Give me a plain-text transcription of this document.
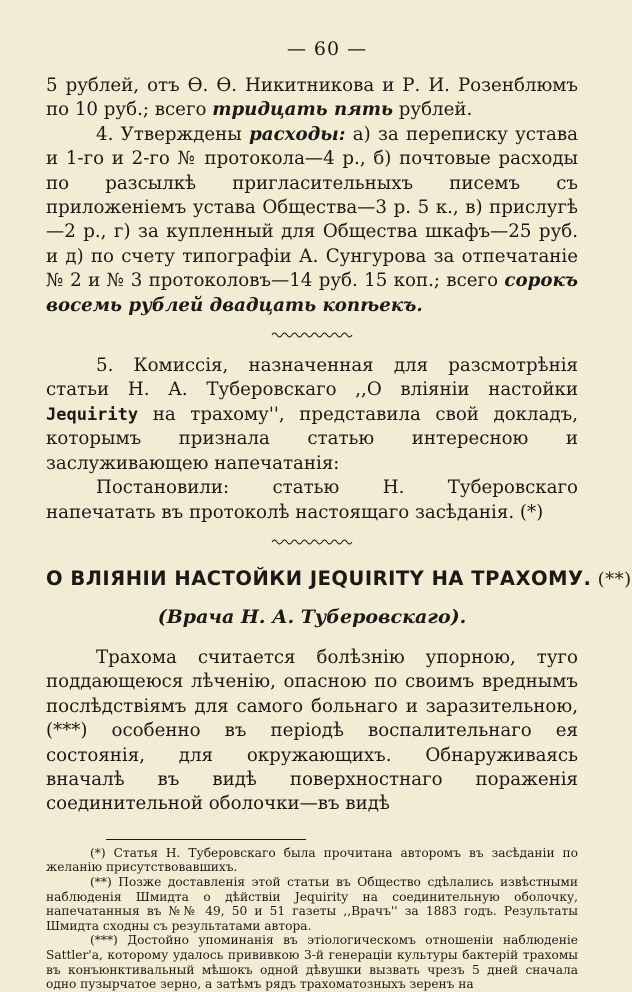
— 60 —

5 рублей, отъ Ѳ. Ѳ. Никитникова и Р. И. Розенблюмъ по 10 руб.; всего тридцать пять рублей.

4. Утверждены расходы: а) за переписку устава и 1-го и 2-го № протокола—4 р., б) почтовые расходы по разсылкѣ пригласительныхъ писемъ съ приложеніемъ устава Общества—3 р. 5 к., в) прислугѣ—2 р., г) за купленный для Общества шкафъ—25 руб. и д) по счету типографіи А. Сунгурова за отпечатаніе № 2 и № 3 протоколовъ—14 руб. 15 коп.; всего сорокъ восемь рублей двадцать копѣекъ.

5. Комиссія, назначенная для разсмотрѣнія статьи Н. А. Туберовскаго ,,О вліяніи настойки Jequirity на трахому'', представила свой докладъ, которымъ признала статью интересною и заслуживающею напечатанія:

Постановили: статью Н. Туберовскаго напечатать въ протоколѣ настоящаго засѣданія. (*)

О ВЛІЯНІИ НАСТОЙКИ JEQUIRITY НА ТРАХОМУ. (**)
(Врача Н. А. Туберовскаго).

Трахома считается болѣзнію упорною, туго поддающеюся лѣченію, опасною по своимъ вреднымъ послѣдствіямъ для самого больнаго и заразительною, (***) особенно въ періодѣ воспалительнаго ея состоянія, для окружающихъ. Обнаруживаясь вначалѣ въ видѣ поверхностнаго пораженія соединительной оболочки—въ видѣ

(*) Статья Н. Туберовскаго была прочитана авторомъ въ засѣданіи по желанію присутствовавшихъ.

(**) Позже доставленія этой статьи въ Общество сдѣлались извѣстными наблюденія Шмидта о дѣйствіи Jequirity на соединительную оболочку, напечатанныя въ №№ 49, 50 и 51 газеты ,,Врачъ'' за 1883 годъ. Результаты Шмидта сходны съ результатами автора.

(***) Достойно упоминанія въ этіологическомъ отношеніи наблюденіе Sattler'а, которому удалось прививкою 3-й генераціи культуры бактерій трахомы въ конъюнктивальный мѣшокъ одной дѣвушки вызвать чрезъ 5 дней сначала одно пузырчатое зерно, а затѣмъ рядъ трахоматозныхъ зеренъ на
